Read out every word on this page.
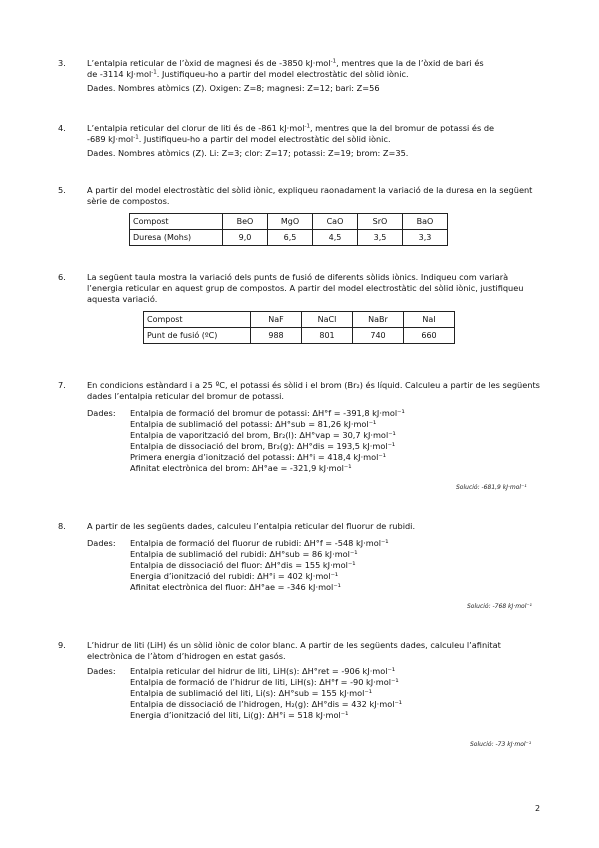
3.	L’entalpia reticular de l’òxid de magnesi és de -3850 kJ·mol$^{-1}$, mentres que la de l’òxid de bari és
de -3114 kJ·mol$^{-1}$. Justifiqueu-ho a partir del model electrostàtic del sòlid iònic.
Dades. Nombres atòmics (Z). Oxigen: Z=8; magnesi: Z=12; bari: Z=56
4.	L’entalpia reticular del clorur de liti és de -861 kJ·mol$^{-1}$, mentres que la del bromur de potassi és de
-689 kJ·mol$^{-1}$. Justifiqueu-ho a partir del model electrostàtic del sòlid iònic.
Dades. Nombres atòmics (Z). Li: Z=3; clor: Z=17; potassi: Z=19; brom: Z=35.
5.	A partir del model electrostàtic del sòlid iònic, expliqueu raonadament la variació de la duresa en la següent sèrie de compostos.
Compost	BeO	MgO	CaO	SrO	BaO
Duresa (Mohs)	9,0	6,5	4,5	3,5	3,3
6.	La següent taula mostra la variació dels punts de fusió de diferents sòlids iònics. Indiqueu com variarà l’energia reticular en aquest grup de compostos. A partir del model electrostàtic del sòlid iònic, justifiqueu aquesta variació.
Compost	NaF	NaCl	NaBr	NaI
Punt de fusió (ºC)	988	801	740	660
7.	En condicions estàndard i a 25 ºC, el potassi és sòlid i el brom (Br₂) és líquid. Calculeu a partir de les següents dades l’entalpia reticular del bromur de potassi.
Dades: Entalpia de formació del bromur de potassi: ΔH°f = -391,8 kJ·mol⁻¹
Entalpia de sublimació del potassi: ΔH°sub = 81,26 kJ·mol⁻¹
Entalpia de vaporització del brom, Br₂(l): ΔH°vap = 30,7 kJ·mol⁻¹
Entalpia de dissociació del brom, Br₂(g): ΔH°dis = 193,5 kJ·mol⁻¹
Primera energia d’ionització del potassi: ΔH°i = 418,4 kJ·mol⁻¹
Afinitat electrònica del brom: ΔH°ae = -321,9 kJ·mol⁻¹
Solució: -681,9 kJ·mol⁻¹
8.	A partir de les següents dades, calculeu l’entalpia reticular del fluorur de rubidi.
Dades: Entalpia de formació del fluorur de rubidi: ΔH°f = -548 kJ·mol⁻¹
Entalpia de sublimació del rubidi: ΔH°sub = 86 kJ·mol⁻¹
Entalpia de dissociació del fluor: ΔH°dis = 155 kJ·mol⁻¹
Energia d’ionització del rubidi: ΔH°i = 402 kJ·mol⁻¹
Afinitat electrònica del fluor: ΔH°ae = -346 kJ·mol⁻¹
Solució: -768 kJ·mol⁻¹
9.	L’hidrur de liti (LiH) és un sòlid iònic de color blanc. A partir de les següents dades, calculeu l’afinitat electrònica de l’àtom d’hidrogen en estat gasós.
Dades: Entalpia reticular del hidrur de liti, LiH(s): ΔH°ret = -906 kJ·mol⁻¹
Entalpia de formació de l’hidrur de liti, LiH(s): ΔH°f = -90 kJ·mol⁻¹
Entalpia de sublimació del liti, Li(s): ΔH°sub = 155 kJ·mol⁻¹
Entalpia de dissociació de l’hidrogen, H₂(g): ΔH°dis = 432 kJ·mol⁻¹
Energia d’ionització del liti, Li(g): ΔH°i = 518 kJ·mol⁻¹
Solució: -73 kJ·mol⁻¹
2
